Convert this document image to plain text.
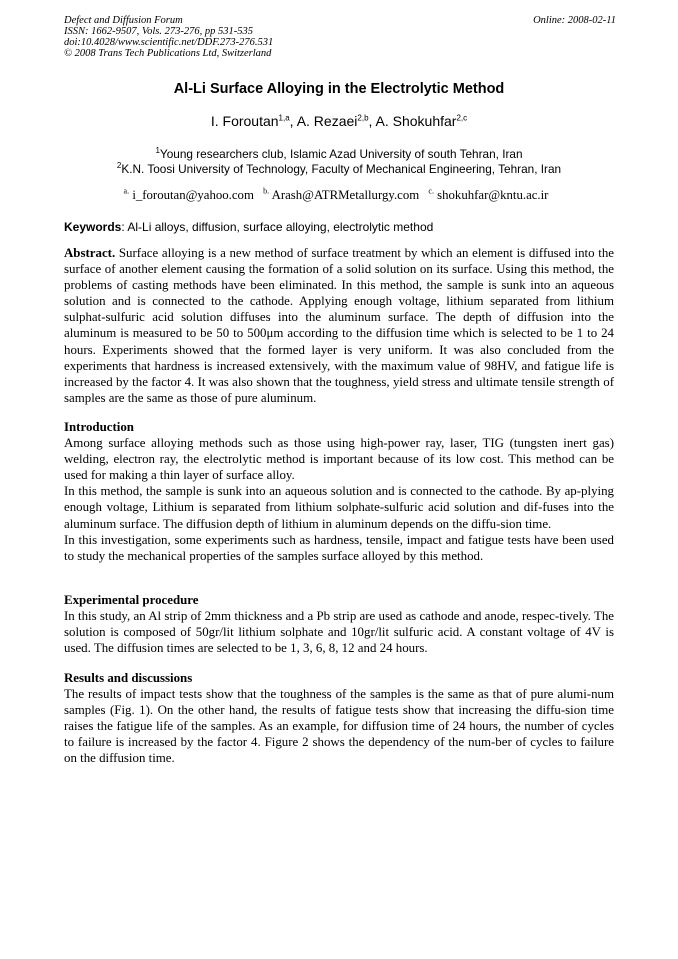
Defect and Diffusion Forum
ISSN: 1662-9507, Vols. 273-276, pp 531-535
doi:10.4028/www.scientific.net/DDF.273-276.531
© 2008 Trans Tech Publications Ltd, Switzerland
Online: 2008-02-11
Al-Li Surface Alloying in the Electrolytic Method
I. Foroutan$^{1,a}$, A. Rezaei$^{2,b}$, A. Shokuhfar$^{2,c}$
$^1$Young researchers club, Islamic Azad University of south Tehran, Iran
$^2$K.N. Toosi University of Technology, Faculty of Mechanical Engineering, Tehran, Iran
$^{a.}$ i_foroutan@yahoo.com $^{b.}$ Arash@ATRMetallurgy.com $^{c.}$ shokuhfar@kntu.ac.ir
Keywords: Al-Li alloys, diffusion, surface alloying, electrolytic method

Abstract. Surface alloying is a new method of surface treatment by which an element is diffused into the surface of another element causing the formation of a solid solution on its surface. Using this method, the problems of casting methods have been eliminated. In this method, the sample is sunk into an aqueous solution and is connected to the cathode. Applying enough voltage, lithium separated from lithium sulphat-sulfuric acid solution diffuses into the aluminum surface. The depth of diffusion into the aluminum is measured to be 50 to 500μm according to the diffusion time which is selected to be 1 to 24 hours. Experiments showed that the formed layer is very uniform. It was also concluded from the experiments that hardness is increased extensively, with the maximum value of 98HV, and fatigue life is increased by the factor 4. It was also shown that the toughness, yield stress and ultimate tensile strength of samples are the same as those of pure aluminum.

Introduction

Among surface alloying methods such as those using high-power ray, laser, TIG (tungsten inert gas) welding, electron ray, the electrolytic method is important because of its low cost. This method can be used for making a thin layer of surface alloy.

In this method, the sample is sunk into an aqueous solution and is connected to the cathode. By ap-plying enough voltage, Lithium is separated from lithium solphate-sulfuric acid solution and dif-fuses into the aluminum surface. The diffusion depth of lithium in aluminum depends on the diffu-sion time.

In this investigation, some experiments such as hardness, tensile, impact and fatigue tests have been used to study the mechanical properties of the samples surface alloyed by this method.

Experimental procedure

In this study, an Al strip of 2mm thickness and a Pb strip are used as cathode and anode, respec-tively. The solution is composed of 50gr/lit lithium solphate and 10gr/lit sulfuric acid. A constant voltage of 4V is used. The diffusion times are selected to be 1, 3, 6, 8, 12 and 24 hours.

Results and discussions

The results of impact tests show that the toughness of the samples is the same as that of pure alumi-num samples (Fig. 1). On the other hand, the results of fatigue tests show that increasing the diffu-sion time raises the fatigue life of the samples. As an example, for diffusion time of 24 hours, the number of cycles to failure is increased by the factor 4. Figure 2 shows the dependency of the num-ber of cycles to failure on the diffusion time.
